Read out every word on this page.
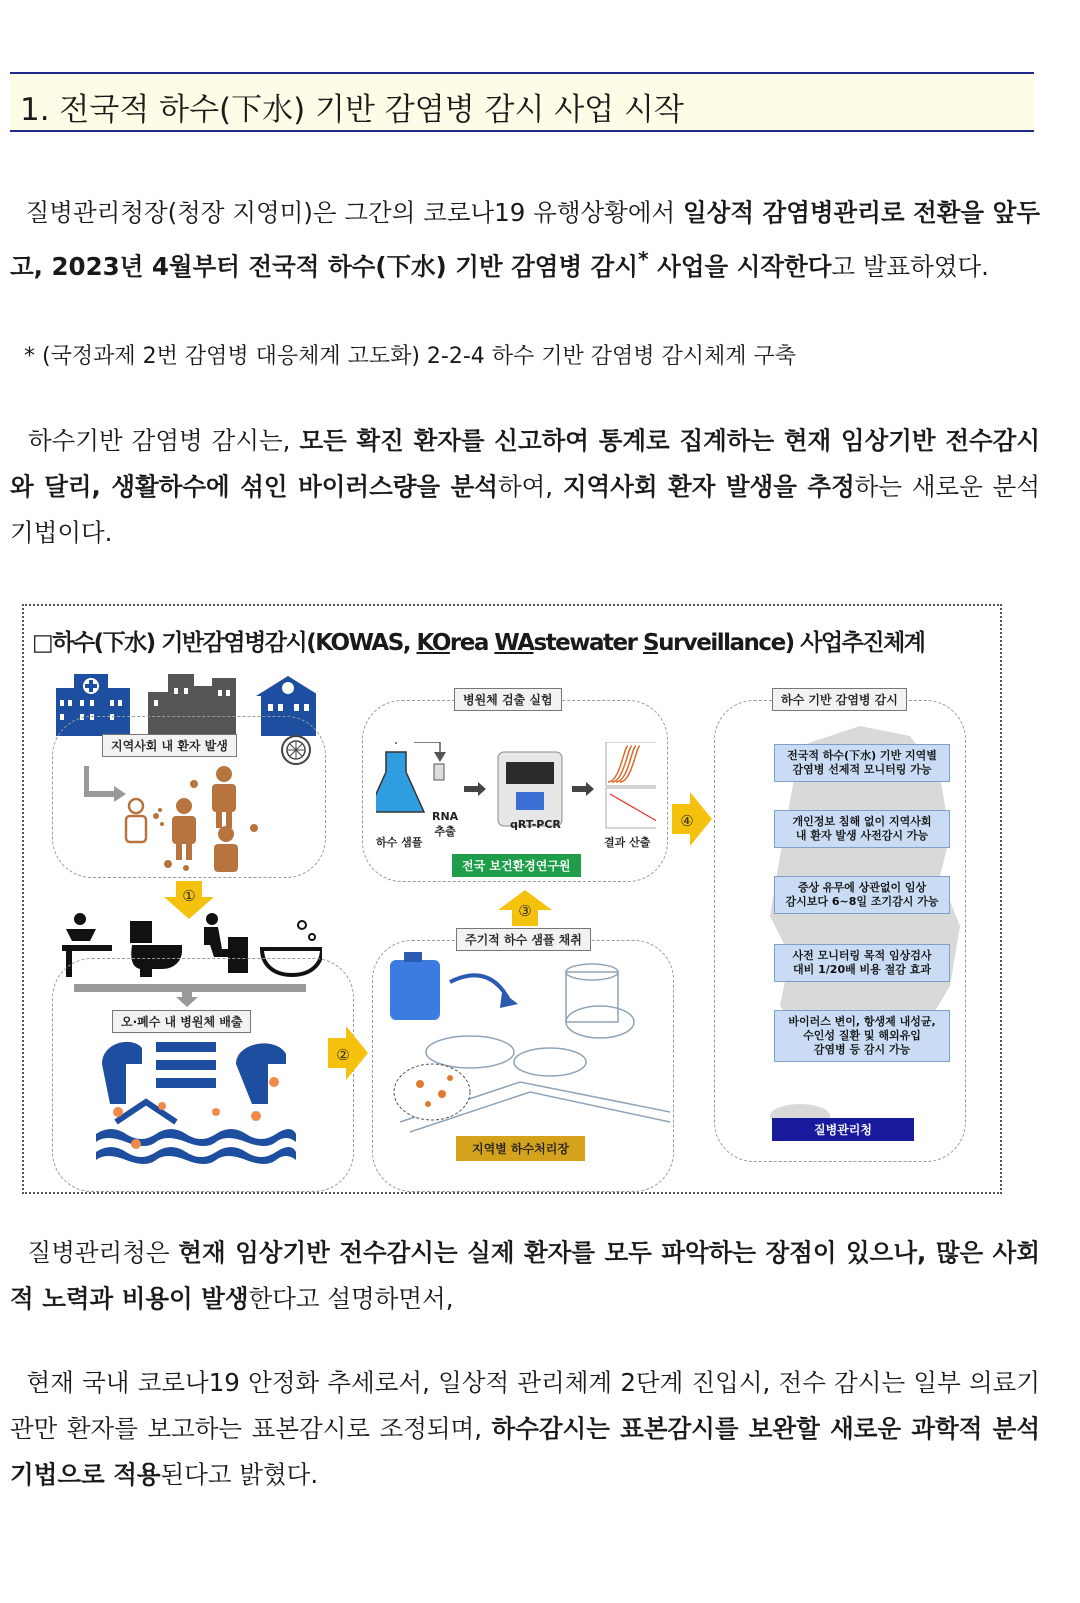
1. 전국적 하수(下水) 기반 감염병 감시 사업 시작

질병관리청장(청장 지영미)은 그간의 코로나19 유행상황에서 일상적 감염병관리로 전환을 앞두고, 2023년 4월부터 전국적 하수(下水) 기반 감염병 감시* 사업을 시작한다고 발표하였다.

* (국정과제 2번 감염병 대응체계 고도화) 2-2-4 하수 기반 감염병 감시체계 구축

하수기반 감염병 감시는, 모든 확진 환자를 신고하여 통계로 집계하는 현재 임상기반 전수감시와 달리, 생활하수에 섞인 바이러스량을 분석하여, 지역사회 환자 발생을 추정하는 새로운 분석기법이다.

□하수(下水) 기반감염병감시(KOWAS, KOrea WAstewater Surveillance) 사업추진체계
지역사회 내 환자 발생
①
오·폐수 내 병원체 배출
②
병원체 검출 실험
RNA
추출
하수 샘플
qRT-PCR
결과 산출
전국 보건환경연구원
③
주기적 하수 샘플 채취
지역별 하수처리장
④
하수 기반 감염병 감시
전국적 하수(下水) 기반 지역별
감염병 선제적 모니터링 가능
개인정보 침해 없이 지역사회
내 환자 발생 사전감시 가능
증상 유무에 상관없이 임상
감시보다 6~8일 조기감시 가능
사전 모니터링 목적 임상검사
대비 1/20배 비용 절감 효과
바이러스 변이, 항생제 내성균,
수인성 질환 및 해외유입
감염병 등 감시 가능
질병관리청

질병관리청은 현재 임상기반 전수감시는 실제 환자를 모두 파악하는 장점이 있으나, 많은 사회적 노력과 비용이 발생한다고 설명하면서,

현재 국내 코로나19 안정화 추세로서, 일상적 관리체계 2단계 진입시, 전수 감시는 일부 의료기관만 환자를 보고하는 표본감시로 조정되며, 하수감시는 표본감시를 보완할 새로운 과학적 분석기법으로 적용된다고 밝혔다.
